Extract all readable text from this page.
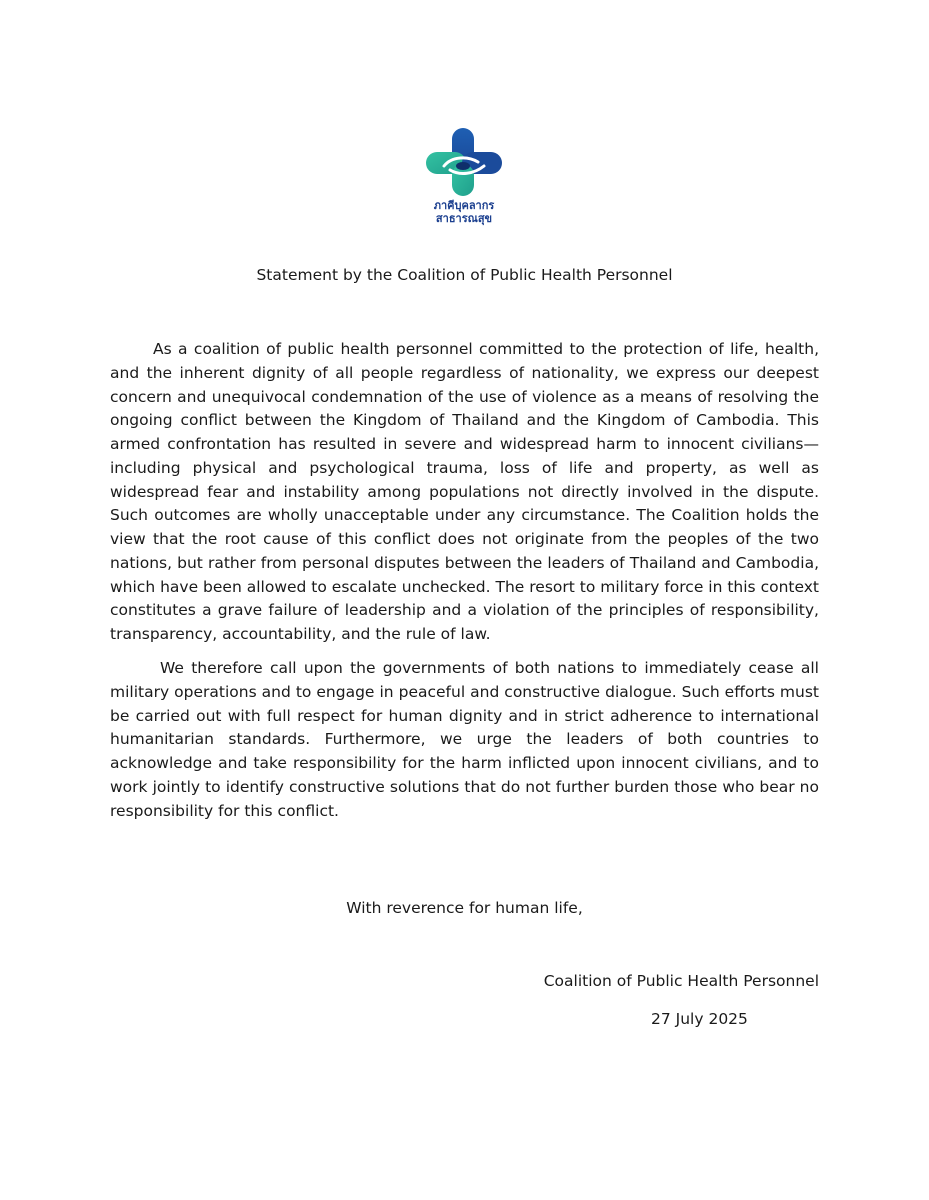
ภาคีบุคลากร
สาธารณสุข
Statement by the Coalition of Public Health Personnel

As a coalition of public health personnel committed to the protection of life, health, and the inherent dignity of all people regardless of nationality, we express our deepest concern and unequivocal condemnation of the use of violence as a means of resolving the ongoing conflict between the Kingdom of Thailand and the Kingdom of Cambodia. This armed confrontation has resulted in severe and widespread harm to innocent civilians—including physical and psychological trauma, loss of life and property, as well as widespread fear and instability among populations not directly involved in the dispute. Such outcomes are wholly unacceptable under any circumstance. The Coalition holds the view that the root cause of this conflict does not originate from the peoples of the two nations, but rather from personal disputes between the leaders of Thailand and Cambodia, which have been allowed to escalate unchecked. The resort to military force in this context constitutes a grave failure of leadership and a violation of the principles of responsibility, transparency, accountability, and the rule of law.

We therefore call upon the governments of both nations to immediately cease all military operations and to engage in peaceful and constructive dialogue. Such efforts must be carried out with full respect for human dignity and in strict adherence to international humanitarian standards. Furthermore, we urge the leaders of both countries to acknowledge and take responsibility for the harm inflicted upon innocent civilians, and to work jointly to identify constructive solutions that do not further burden those who bear no responsibility for this conflict.

With reverence for human life,
Coalition of Public Health Personnel
27 July 2025
